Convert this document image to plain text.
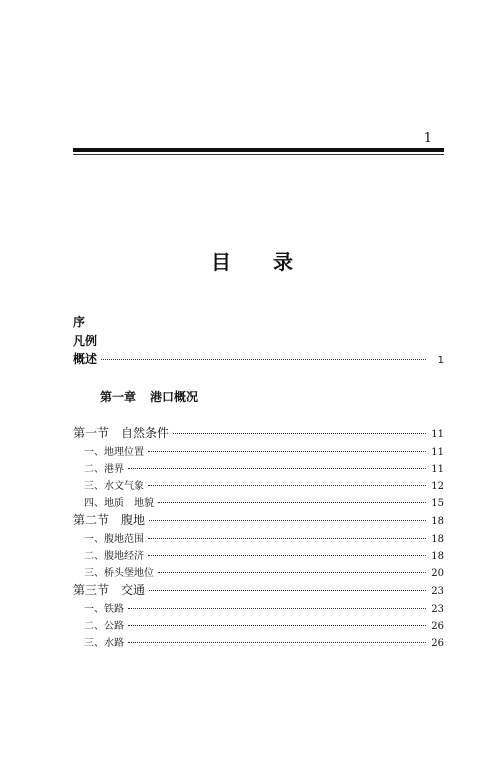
1
目 录
序
凡例
概述	1
第一章 港口概况
第一节 自然条件	11
一、地理位置	11
二、港界	11
三、水文气象	12
四、地质　地貌	15
第二节 腹地	18
一、腹地范围	18
二、腹地经济	18
三、桥头堡地位	20
第三节 交通	23
一、铁路	23
二、公路	26
三、水路	26
